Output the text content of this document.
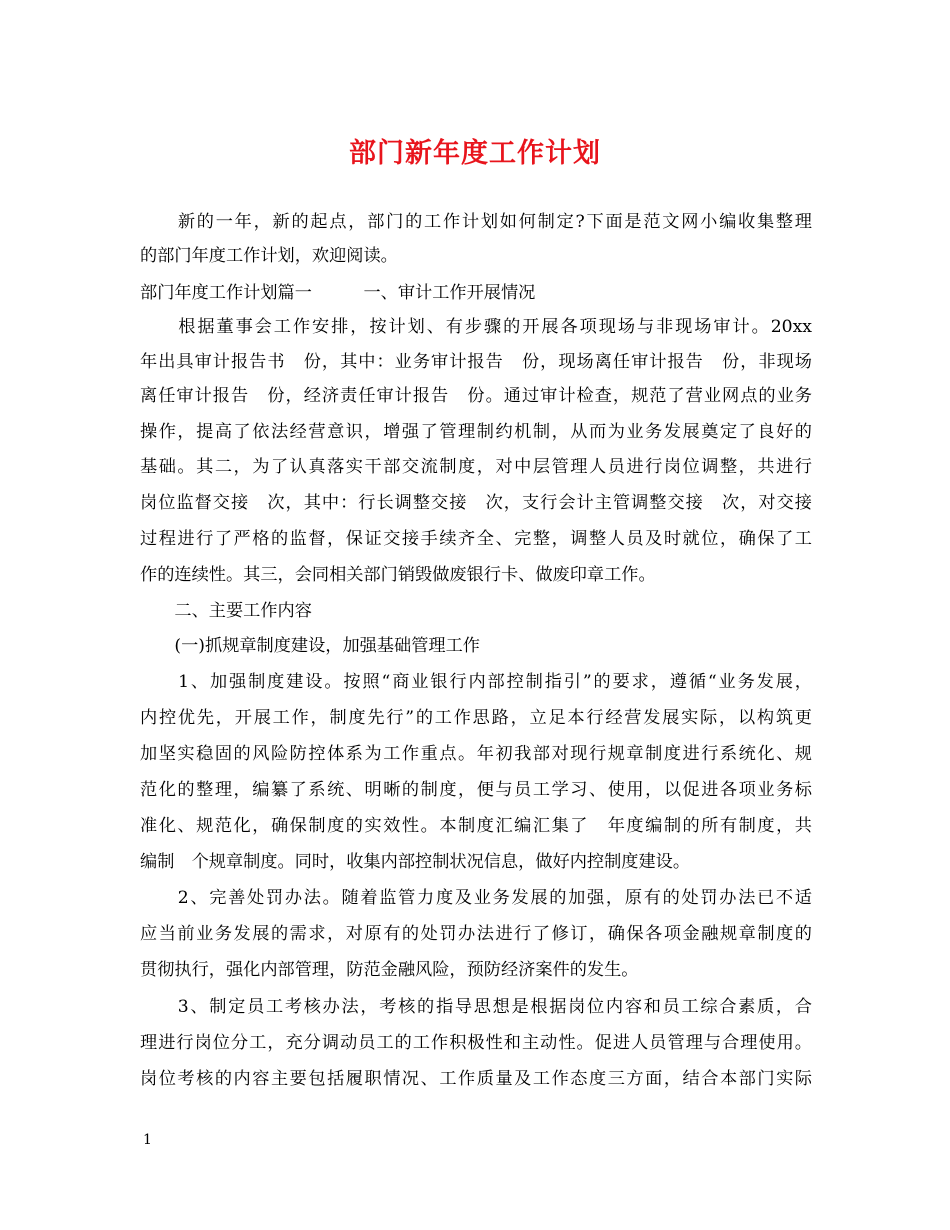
部门新年度工作计划
　　新的一年，新的起点，部门的工作计划如何制定?下面是范文网小编收集整理
的部门年度工作计划，欢迎阅读。
部门年度工作计划篇一　　　一、审计工作开展情况
　　根据董事会工作安排，按计划、有步骤的开展各项现场与非现场审计。20xx
年出具审计报告书　份，其中：业务审计报告　份，现场离任审计报告　份，非现场
离任审计报告　份，经济责任审计报告　份。通过审计检查，规范了营业网点的业务
操作，提高了依法经营意识，增强了管理制约机制，从而为业务发展奠定了良好的
基础。其二，为了认真落实干部交流制度，对中层管理人员进行岗位调整，共进行
岗位监督交接　次，其中：行长调整交接　次，支行会计主管调整交接　次，对交接
过程进行了严格的监督，保证交接手续齐全、完整，调整人员及时就位，确保了工
作的连续性。其三，会同相关部门销毁做废银行卡、做废印章工作。
　　二、主要工作内容
　　(一)抓规章制度建设，加强基础管理工作
　　1、加强制度建设。按照“商业银行内部控制指引”的要求，遵循“业务发展，
内控优先，开展工作，制度先行”的工作思路，立足本行经营发展实际，以构筑更
加坚实稳固的风险防控体系为工作重点。年初我部对现行规章制度进行系统化、规
范化的整理，编纂了系统、明晰的制度，便与员工学习、使用，以促进各项业务标
准化、规范化，确保制度的实效性。本制度汇编汇集了　年度编制的所有制度，共
编制　个规章制度。同时，收集内部控制状况信息，做好内控制度建设。
　　2、完善处罚办法。随着监管力度及业务发展的加强，原有的处罚办法已不适
应当前业务发展的需求，对原有的处罚办法进行了修订，确保各项金融规章制度的
贯彻执行，强化内部管理，防范金融风险，预防经济案件的发生。
　　3、制定员工考核办法，考核的指导思想是根据岗位内容和员工综合素质，合
理进行岗位分工，充分调动员工的工作积极性和主动性。促进人员管理与合理使用。
岗位考核的内容主要包括履职情况、工作质量及工作态度三方面，结合本部门实际
1
